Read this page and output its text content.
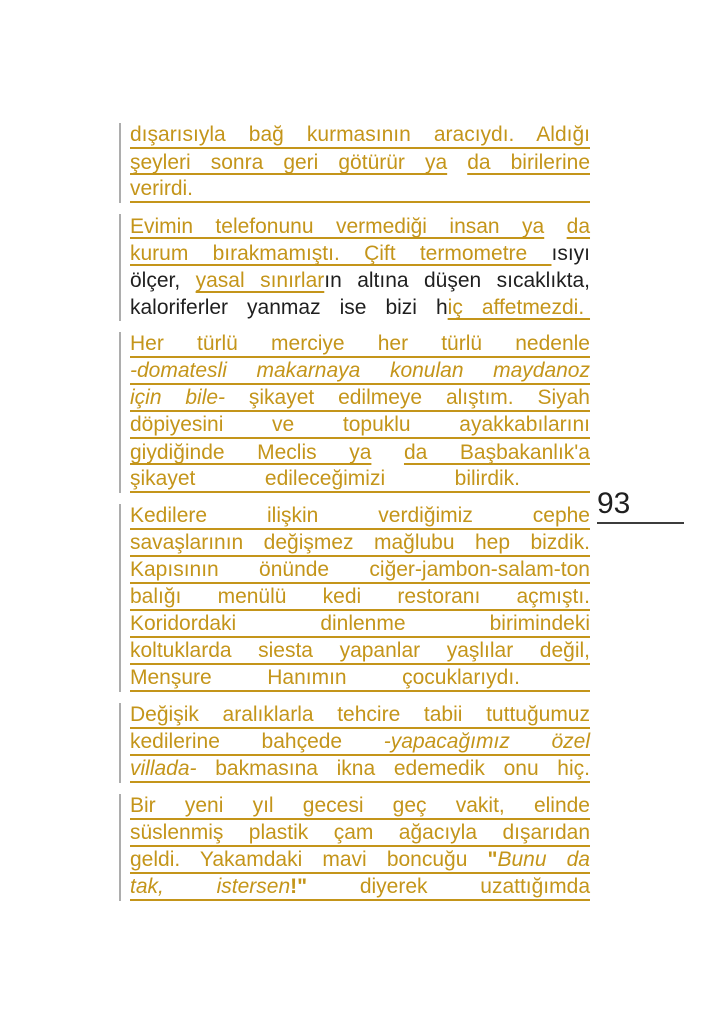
dışarısıyla bağ kurmasının aracıydı. Aldığı
şeyleri sonra geri götürür ya da birilerine
verirdi.
Evimin telefonunu vermediği insan ya da
kurum bırakmamıştı. Çift termometre ısıyı
ölçer, yasal sınırların altına düşen sıcaklıkta,
kaloriferler yanmaz ise bizi hiç affetmezdi.
Her türlü merciye her türlü nedenle
-domatesli makarnaya konulan maydanoz
için bile- şikayet edilmeye alıştım. Siyah
döpiyesini ve topuklu ayakkabılarını
giydiğinde Meclis ya da Başbakanlık'a
şikayet edileceğimizi bilirdik.
Kedilere ilişkin verdiğimiz cephe
savaşlarının değişmez mağlubu hep bizdik.
Kapısının önünde ciğer-jambon-salam-ton
balığı menülü kedi restoranı açmıştı.
Koridordaki dinlenme birimindeki
koltuklarda siesta yapanlar yaşlılar değil,
Menşure Hanımın çocuklarıydı.
Değişik aralıklarla tehcire tabii tuttuğumuz
kedilerine bahçede -yapacağımız özel
villada- bakmasına ikna edemedik onu hiç.
Bir yeni yıl gecesi geç vakit, elinde
süslenmiş plastik çam ağacıyla dışarıdan
geldi. Yakamdaki mavi boncuğu "Bunu da
tak, istersen!" diyerek uzattığımda
93
